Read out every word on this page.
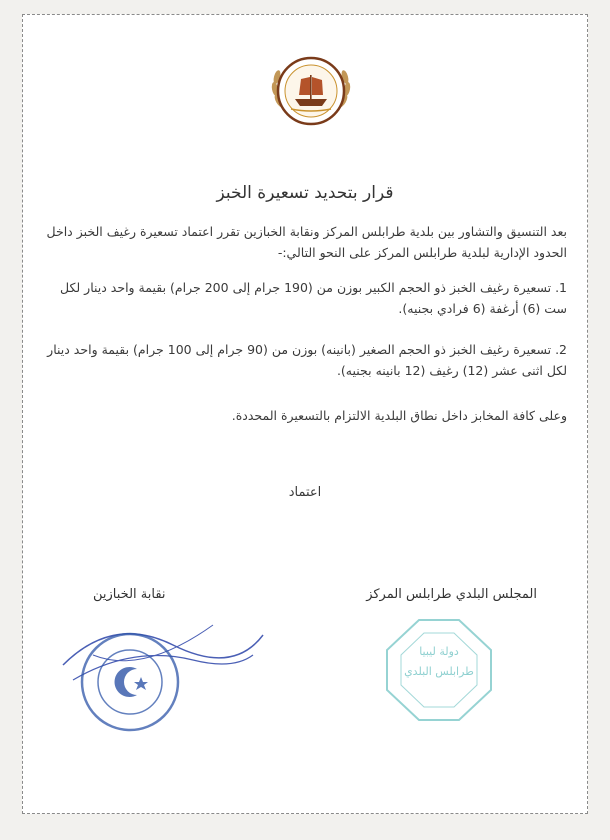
قرار بتحديد تسعيرة الخبز
بعد التنسيق والتشاور بين بلدية طرابلس المركز ونقابة الخبازين تقرر اعتماد تسعيرة رغيف الخبز داخل الحدود الإدارية لبلدية طرابلس المركز على النحو التالي:-
1. تسعيرة رغيف الخبز ذو الحجم الكبير بوزن من (190 جرام إلى 200 جرام) بقيمة واحد دينار لكل ست (6) أرغفة (6 فرادي بجنيه).
2. تسعيرة رغيف الخبز ذو الحجم الصغير (بانينه) بوزن من (90 جرام إلى 100 جرام) بقيمة واحد دينار لكل اثنى عشر (12) رغيف (12 بانينه بجنيه).
وعلى كافة المخابز داخل نطاق البلدية الالتزام بالتسعيرة المحددة.
اعتماد
المجلس البلدي طرابلس المركز
نقابة الخبازين
دولة ليبيا
طرابلس البلدي
